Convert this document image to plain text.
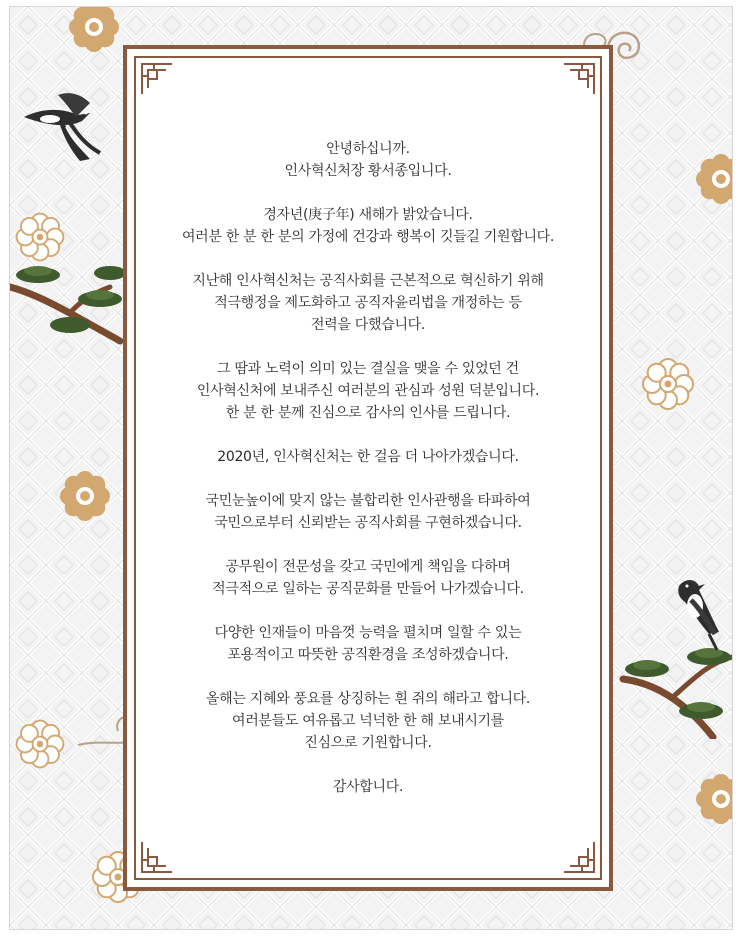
안녕하십니까.
인사혁신처장 황서종입니다.
경자년(庚子年) 새해가 밝았습니다.
여러분 한 분 한 분의 가정에 건강과 행복이 깃들길 기원합니다.
지난해 인사혁신처는 공직사회를 근본적으로 혁신하기 위해
적극행정을 제도화하고 공직자윤리법을 개정하는 등
전력을 다했습니다.
그 땀과 노력이 의미 있는 결실을 맺을 수 있었던 건
인사혁신처에 보내주신 여러분의 관심과 성원 덕분입니다.
한 분 한 분께 진심으로 감사의 인사를 드립니다.
2020년, 인사혁신처는 한 걸음 더 나아가겠습니다.
국민눈높이에 맞지 않는 불합리한 인사관행을 타파하여
국민으로부터 신뢰받는 공직사회를 구현하겠습니다.
공무원이 전문성을 갖고 국민에게 책임을 다하며
적극적으로 일하는 공직문화를 만들어 나가겠습니다.
다양한 인재들이 마음껏 능력을 펼치며 일할 수 있는
포용적이고 따뜻한 공직환경을 조성하겠습니다.
올해는 지혜와 풍요를 상징하는 흰 쥐의 해라고 합니다.
여러분들도 여유롭고 넉넉한 한 해 보내시기를
진심으로 기원합니다.
감사합니다.
